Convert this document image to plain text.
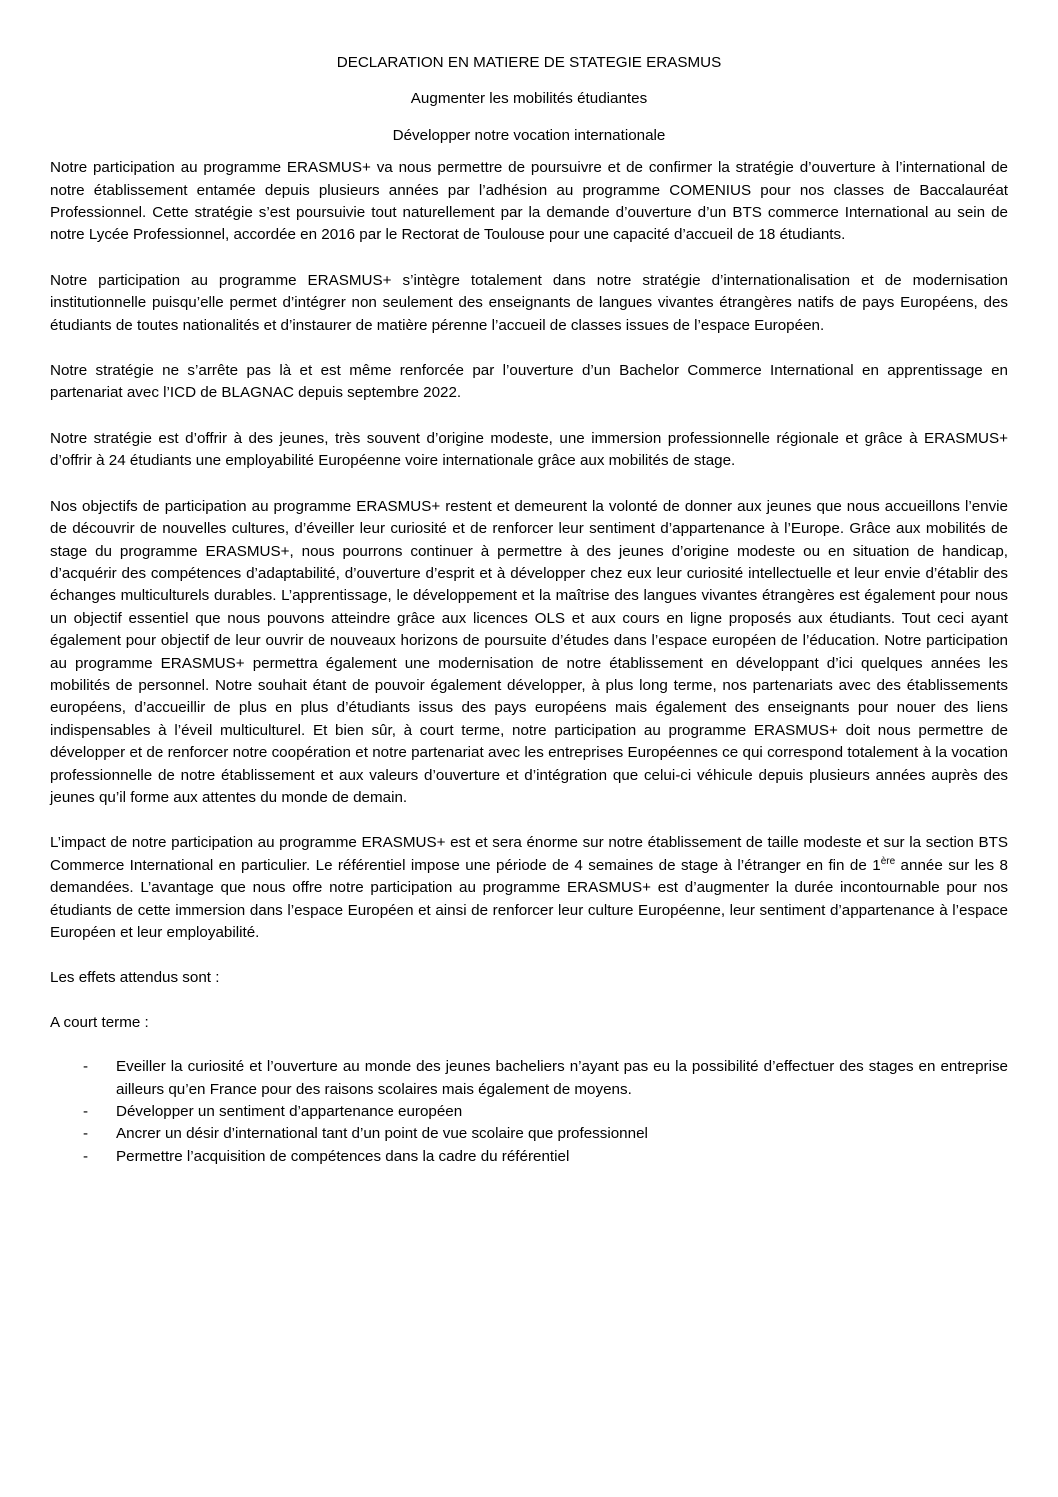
DECLARATION EN MATIERE DE STATEGIE ERASMUS
Augmenter les mobilités étudiantes
Développer notre vocation internationale

Notre participation au programme ERASMUS+ va nous permettre de poursuivre et de confirmer la stratégie d’ouverture à l’international de notre établissement entamée depuis plusieurs années par l’adhésion au programme COMENIUS pour nos classes de Baccalauréat Professionnel. Cette stratégie s’est poursuivie tout naturellement par la demande d’ouverture d’un BTS commerce International au sein de notre Lycée Professionnel, accordée en 2016 par le Rectorat de Toulouse pour une capacité d’accueil de 18 étudiants.

Notre participation au programme ERASMUS+ s’intègre totalement dans notre stratégie d’internationalisation et de modernisation institutionnelle puisqu’elle permet d’intégrer non seulement des enseignants de langues vivantes étrangères natifs de pays Européens, des étudiants de toutes nationalités et d’instaurer de matière pérenne l’accueil de classes issues de l’espace Européen.

Notre stratégie ne s’arrête pas là et est même renforcée par l’ouverture d’un Bachelor Commerce International en apprentissage en partenariat avec l’ICD de BLAGNAC depuis septembre 2022.

Notre stratégie est d’offrir à des jeunes, très souvent d’origine modeste, une immersion professionnelle régionale et grâce à ERASMUS+ d’offrir à 24 étudiants une employabilité Européenne voire internationale grâce aux mobilités de stage.

Nos objectifs de participation au programme ERASMUS+ restent et demeurent la volonté de donner aux jeunes que nous accueillons l’envie de découvrir de nouvelles cultures, d’éveiller leur curiosité et de renforcer leur sentiment d’appartenance à l’Europe. Grâce aux mobilités de stage du programme ERASMUS+, nous pourrons continuer à permettre à des jeunes d’origine modeste ou en situation de handicap, d’acquérir des compétences d’adaptabilité, d’ouverture d’esprit et à développer chez eux leur curiosité intellectuelle et leur envie d’établir des échanges multiculturels durables. L’apprentissage, le développement et la maîtrise des langues vivantes étrangères est également pour nous un objectif essentiel que nous pouvons atteindre grâce aux licences OLS et aux cours en ligne proposés aux étudiants. Tout ceci ayant également pour objectif de leur ouvrir de nouveaux horizons de poursuite d’études dans l’espace européen de l’éducation. Notre participation au programme ERASMUS+ permettra également une modernisation de notre établissement en développant d’ici quelques années les mobilités de personnel. Notre souhait étant de pouvoir également développer, à plus long terme, nos partenariats avec des établissements européens, d’accueillir de plus en plus d’étudiants issus des pays européens mais également des enseignants pour nouer des liens indispensables à l’éveil multiculturel. Et bien sûr, à court terme, notre participation au programme ERASMUS+ doit nous permettre de développer et de renforcer notre coopération et notre partenariat avec les entreprises Européennes ce qui correspond totalement à la vocation professionnelle de notre établissement et aux valeurs d’ouverture et d’intégration que celui-ci véhicule depuis plusieurs années auprès des jeunes qu’il forme aux attentes du monde de demain.

L’impact de notre participation au programme ERASMUS+ est et sera énorme sur notre établissement de taille modeste et sur la section BTS Commerce International en particulier. Le référentiel impose une période de 4 semaines de stage à l’étranger en fin de 1ère année sur les 8 demandées. L’avantage que nous offre notre participation au programme ERASMUS+ est d’augmenter la durée incontournable pour nos étudiants de cette immersion dans l’espace Européen et ainsi de renforcer leur culture Européenne, leur sentiment d’appartenance à l’espace Européen et leur employabilité.

Les effets attendus sont :

A court terme :

- Eveiller la curiosité et l’ouverture au monde des jeunes bacheliers n’ayant pas eu la possibilité d’effectuer des stages en entreprise ailleurs qu’en France pour des raisons scolaires mais également de moyens.
- Développer un sentiment d’appartenance européen
- Ancrer un désir d’international tant d’un point de vue scolaire que professionnel
- Permettre l’acquisition de compétences dans la cadre du référentiel
